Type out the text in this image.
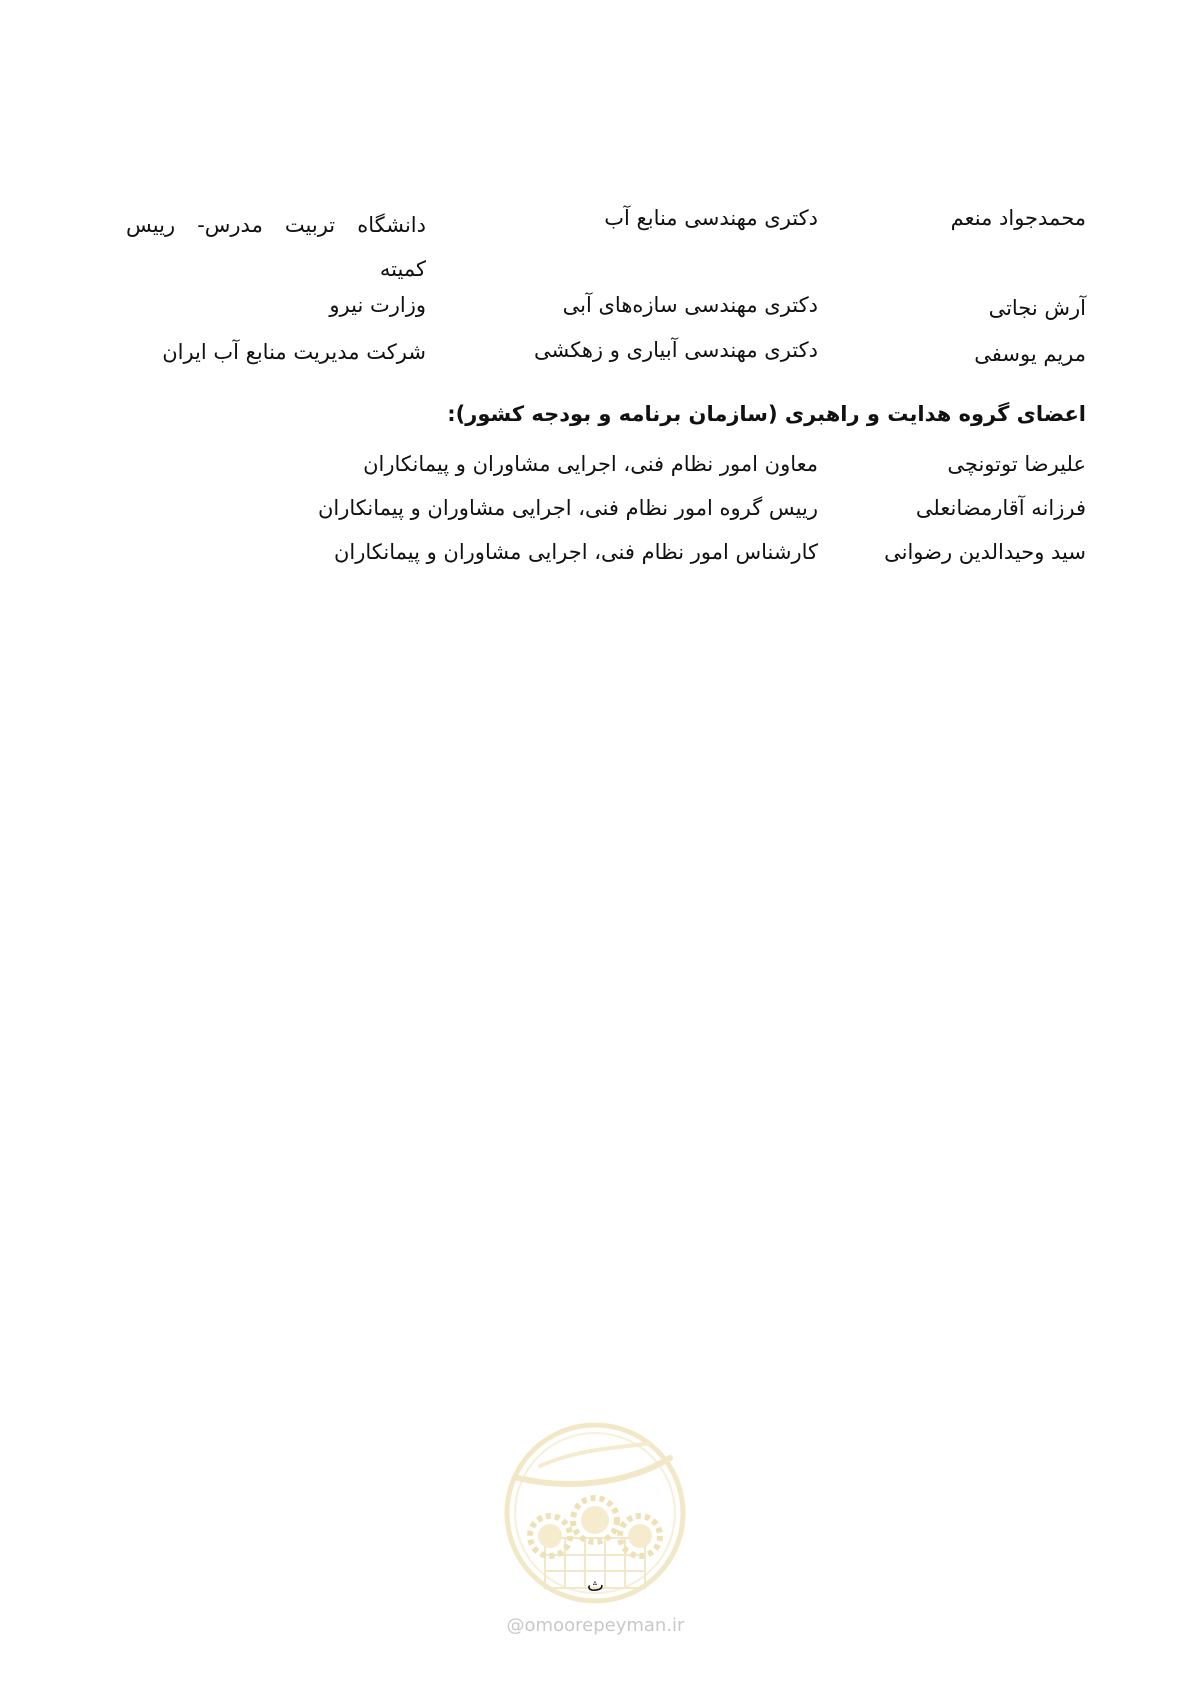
محمدجواد منعم
دکتری مهندسی منابع آب
دانشگاه تربیت مدرس- رییس کمیته
آرش نجاتی
دکتری مهندسی سازه‌های آبی
وزارت نیرو
مریم یوسفی
دکتری مهندسی آبیاری و زهکشی
شرکت مدیریت منابع آب ایران
اعضای گروه هدایت و راهبری (سازمان برنامه و بودجه کشور):
علیرضا توتونچی
معاون امور نظام فنی، اجرایی مشاوران و پیمانکاران
فرزانه آقارمضانعلی
رییس گروه امور نظام فنی، اجرایی مشاوران و پیمانکاران
سید وحیدالدین رضوانی
کارشناس امور نظام فنی، اجرایی مشاوران و پیمانکاران
ث
@omoorepeyman.ir
